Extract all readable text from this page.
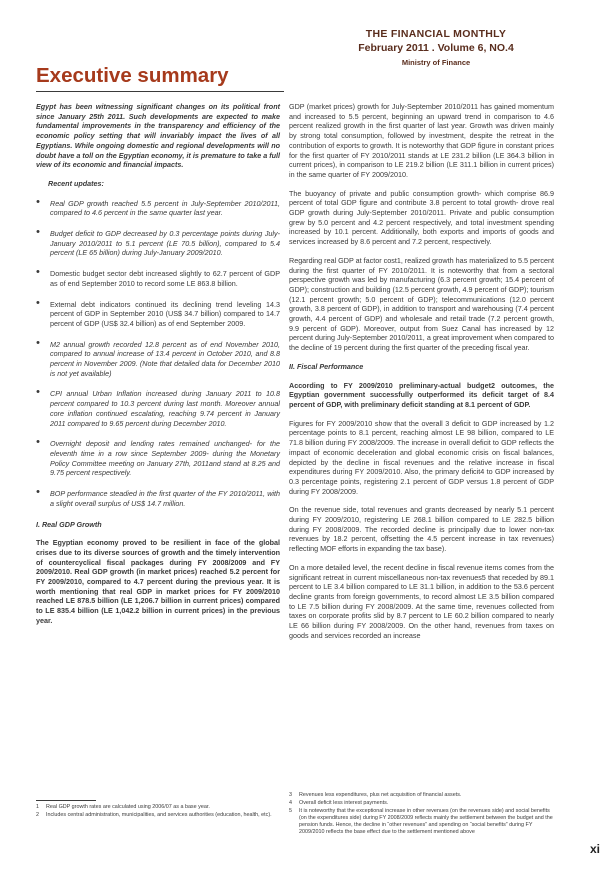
THE FINANCIAL MONTHLY
February 2011 . Volume 6, NO.4
Ministry of Finance
Executive summary

Egypt has been witnessing significant changes on its political front since January 25th 2011. Such developments are expected to make fundamental improvements in the transparency and efficiency of the economic policy setting that will invariably impact the lives of all Egyptians. While ongoing domestic and regional developments will no doubt have a toll on the Egyptian economy, it is premature to take a full view of its economic and financial impacts.

Recent updates:

• Real GDP growth reached 5.5 percent in July-September 2010/2011, compared to 4.6 percent in the same quarter last year.
• Budget deficit to GDP decreased by 0.3 percentage points during July-January 2010/2011 to 5.1 percent (LE 70.5 billion), compared to 5.4 percent (LE 65 billion) during July-January 2009/2010.
• Domestic budget sector debt increased slightly to 62.7 percent of GDP as of end September 2010 to record some LE 863.8 billion.
• External debt indicators continued its declining trend leveling 14.3 percent of GDP in September 2010 (US$ 34.7 billion) compared to 14.7 percent of GDP (US$ 32.4 billion) as of end September 2009.
• M2 annual growth recorded 12.8 percent as of end November 2010, compared to annual increase of 13.4 percent in October 2010, and 8.8 percent in November 2009. (Note that detailed data for December 2010 is not yet available)
• CPI annual Urban Inflation increased during January 2011 to 10.8 percent compared to 10.3 percent during last month. Moreover annual core inflation continued escalating, reaching 9.74 percent in January 2011 compared to 9.65 percent during December 2010.
• Overnight deposit and lending rates remained unchanged- for the eleventh time in a row since September 2009- during the Monetary Policy Committee meeting on January 27th, 2011and stand at 8.25 and 9.75 percent respectively.
• BOP performance steadied in the first quarter of the FY 2010/2011, with a slight overall surplus of US$ 14.7 million.

I. Real GDP Growth

The Egyptian economy proved to be resilient in face of the global crises due to its diverse sources of growth and the timely intervention of countercyclical fiscal packages during FY 2008/2009 and FY 2009/2010. Real GDP growth (in market prices) reached 5.2 percent for FY 2009/2010, compared to 4.7 percent during the previous year. It is worth mentioning that real GDP in market prices for FY 2009/2010 reached LE 878.5 billion (LE 1,206.7 billion in current prices) compared to LE 835.4 billion (LE 1,042.2 billion in current prices) in the previous year.

1 Real GDP growth rates are calculated using 2006/07 as a base year.
2 Includes central administration, municipalities, and services authorities (education, health, etc).

GDP (market prices) growth for July-September 2010/2011 has gained momentum and increased to 5.5 percent, beginning an upward trend in comparison to 4.6 percent realized growth in the first quarter of last year. Growth was driven mainly by strong total consumption, followed by investment, despite the retreat in the contribution of exports to growth. It is noteworthy that GDP figure in constant prices for the first quarter of FY 2010/2011 stands at LE 231.2 billion (LE 364.3 billion in current prices), in comparison to LE 219.2 billion (LE 311.1 billion in current prices) in the same quarter of FY 2009/2010.

The buoyancy of private and public consumption growth- which comprise 86.9 percent of total GDP figure and contribute 3.8 percent to total growth- drove real GDP growth during July-September 2010/2011. Private and public consumption grew by 5.0 percent and 4.2 percent respectively, and total investment spending increased by 10.1 percent. Additionally, both exports and imports of goods and services increased by 8.6 percent and 7.2 percent, respectively.

Regarding real GDP at factor cost1, realized growth has materialized to 5.5 percent during the first quarter of FY 2010/2011. It is noteworthy that from a sectoral perspective growth was led by manufacturing (6.3 percent growth; 15.4 percent of GDP); construction and building (12.5 percent growth, 4.9 percent of GDP); tourism (12.1 percent growth; 5.0 percent of GDP); telecommunications (12.0 percent growth, 3.8 percent of GDP), in addition to transport and warehousing (7.4 percent growth, 4.4 percent of GDP) and wholesale and retail trade (7.2 percent growth, 9.9 percent of GDP). Moreover, output from Suez Canal has increased by 12 percent during July-September 2010/2011, a great improvement when compared to the decline of 19 percent during the first quarter of the preceding fiscal year.

II. Fiscal Performance

According to FY 2009/2010 preliminary-actual budget2 outcomes, the Egyptian government successfully outperformed its deficit target of 8.4 percent of GDP, with preliminary deficit standing at 8.1 percent of GDP.

Figures for FY 2009/2010 show that the overall 3 deficit to GDP increased by 1.2 percentage points to 8.1 percent, reaching almost LE 98 billion, compared to LE 71.8 billion during FY 2008/2009. The increase in overall deficit to GDP reflects the impact of economic deceleration and global economic crisis on fiscal balances, depicted by the decline in fiscal revenues and the relative increase in fiscal expenditures during FY 2009/2010. Also, the primary deficit4 to GDP increased by 0.3 percentage points, registering 2.1 percent of GDP versus 1.8 percent of GDP during FY 2008/2009.

On the revenue side, total revenues and grants decreased by nearly 5.1 percent during FY 2009/2010, registering LE 268.1 billion compared to LE 282.5 billion during FY 2008/2009. The recorded decline is principally due to lower non-tax revenues by 18.2 percent, offsetting the 4.5 percent increase in tax revenues) reflecting MOF efforts in expanding the tax base).

On a more detailed level, the recent decline in fiscal revenue items comes from the significant retreat in current miscellaneous non-tax revenues5 that receded by 89.1 percent to LE 3.4 billion compared to LE 31.1 billion, in addition to the 53.6 percent decline grants from foreign governments, to record almost LE 3.5 billion compared to LE 7.5 billion during FY 2008/2009. At the same time, revenues collected from taxes on corporate profits slid by 8.7 percent to LE 60.2 billion compared to nearly LE 66 billion during FY 2008/2009. On the other hand, revenues from taxes on goods and services recorded an increase

3 Revenues less expenditures, plus net acquisition of financial assets.
4 Overall deficit less interest payments.
5 It is noteworthy that the exceptional increase in other revenues (on the revenues side) and social benefits (on the expenditures side) during FY 2008/2009 reflects mainly the settlement between the budget and the pension funds. Hence, the decline in “other revenues” and spending on “social benefits” during FY 2009/2010 reflects the base effect due to the settlement mentioned above
xi
